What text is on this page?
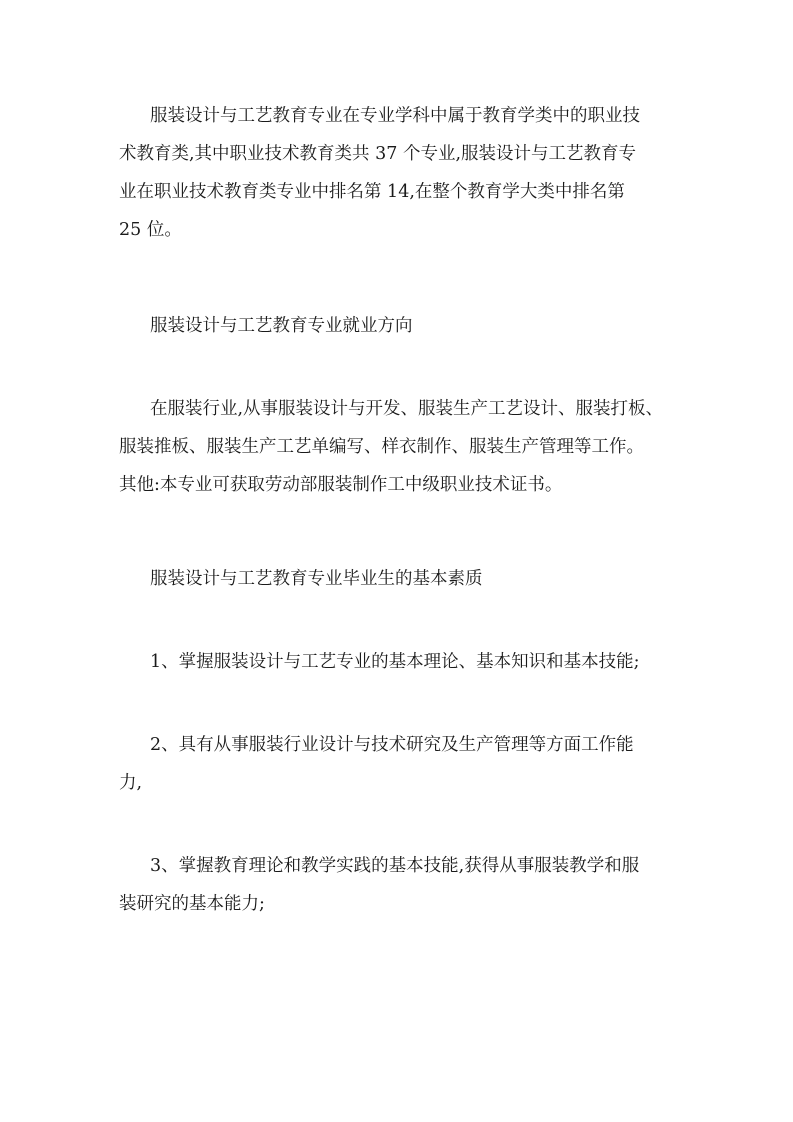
服装设计与工艺教育专业在专业学科中属于教育学类中的职业技
术教育类,其中职业技术教育类共 37 个专业,服装设计与工艺教育专
业在职业技术教育类专业中排名第 14,在整个教育学大类中排名第
25 位。

服装设计与工艺教育专业就业方向

在服装行业,从事服装设计与开发、服装生产工艺设计、服装打板、
服装推板、服装生产工艺单编写、样衣制作、服装生产管理等工作。
其他:本专业可获取劳动部服装制作工中级职业技术证书。

服装设计与工艺教育专业毕业生的基本素质

1、掌握服装设计与工艺专业的基本理论、基本知识和基本技能;

2、具有从事服装行业设计与技术研究及生产管理等方面工作能
力,

3、掌握教育理论和教学实践的基本技能,获得从事服装教学和服
装研究的基本能力;
